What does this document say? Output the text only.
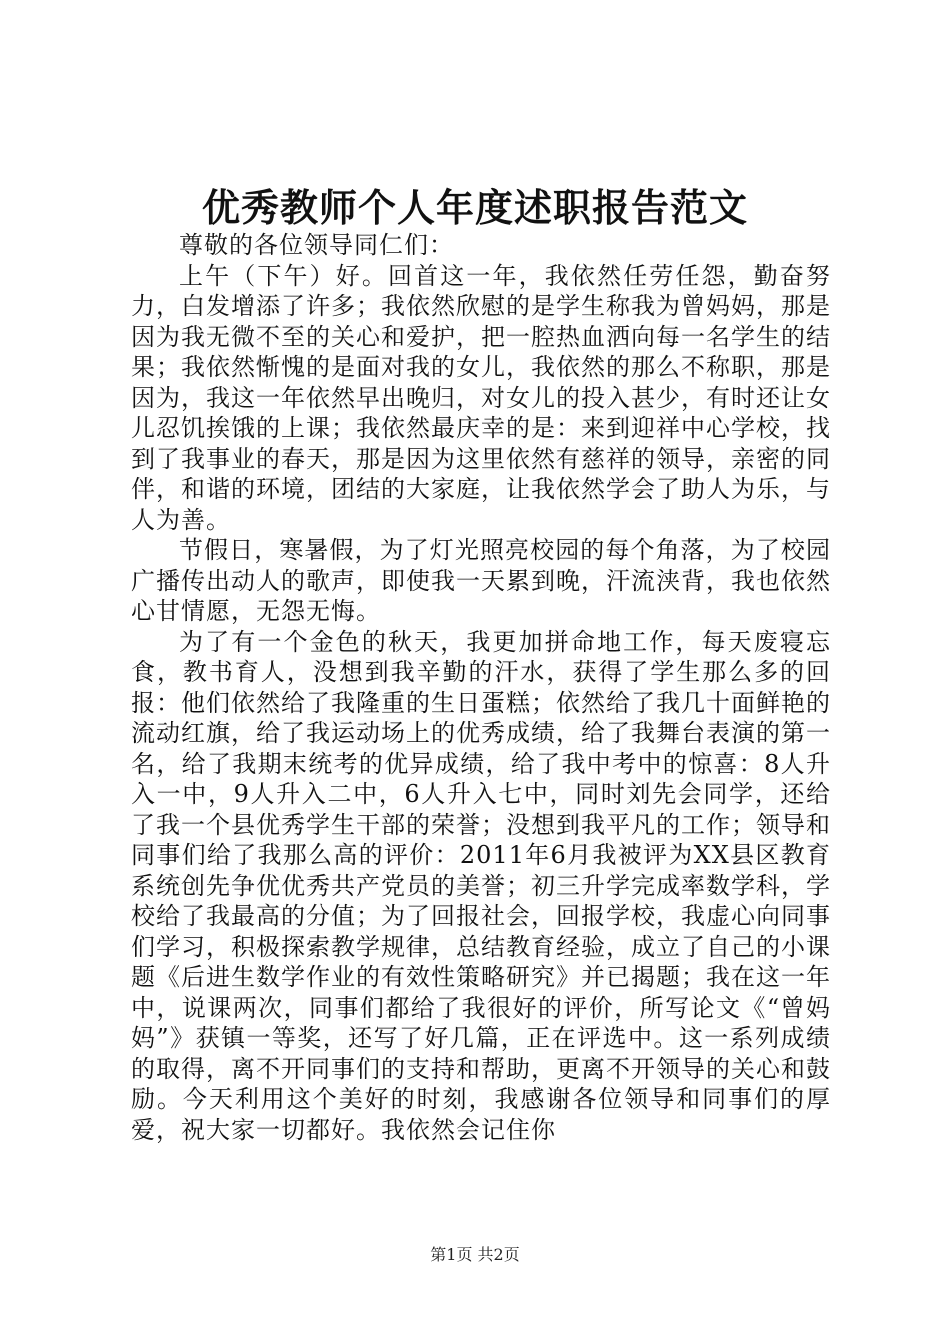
优秀教师个人年度述职报告范文

尊敬的各位领导同仁们：

上午（下午）好。回首这一年，我依然任劳任怨，勤奋努力，白发增添了许多；我依然欣慰的是学生称我为曾妈妈，那是因为我无微不至的关心和爱护，把一腔热血洒向每一名学生的结果；我依然惭愧的是面对我的女儿，我依然的那么不称职，那是因为，我这一年依然早出晚归，对女儿的投入甚少，有时还让女儿忍饥挨饿的上课；我依然最庆幸的是：来到迎祥中心学校，找到了我事业的春天，那是因为这里依然有慈祥的领导，亲密的同伴，和谐的环境，团结的大家庭，让我依然学会了助人为乐，与人为善。

节假日，寒暑假，为了灯光照亮校园的每个角落，为了校园广播传出动人的歌声，即使我一天累到晚，汗流浃背，我也依然心甘情愿，无怨无悔。

为了有一个金色的秋天，我更加拼命地工作，每天废寝忘食，教书育人，没想到我辛勤的汗水，获得了学生那么多的回报：他们依然给了我隆重的生日蛋糕；依然给了我几十面鲜艳的流动红旗，给了我运动场上的优秀成绩，给了我舞台表演的第一名，给了我期末统考的优异成绩，给了我中考中的惊喜：8人升入一中，9人升入二中，6人升入七中，同时刘先会同学，还给了我一个县优秀学生干部的荣誉；没想到我平凡的工作；领导和同事们给了我那么高的评价：2011年6月我被评为XX县区教育系统创先争优优秀共产党员的美誉；初三升学完成率数学科，学校给了我最高的分值；为了回报社会，回报学校，我虚心向同事们学习，积极探索教学规律，总结教育经验，成立了自己的小课题《后进生数学作业的有效性策略研究》并已揭题；我在这一年中，说课两次，同事们都给了我很好的评价，所写论文《“曾妈妈”》获镇一等奖，还写了好几篇，正在评选中。这一系列成绩的取得，离不开同事们的支持和帮助，更离不开领导的关心和鼓励。今天利用这个美好的时刻，我感谢各位领导和同事们的厚爱，祝大家一切都好。我依然会记住你

第1页 共2页
